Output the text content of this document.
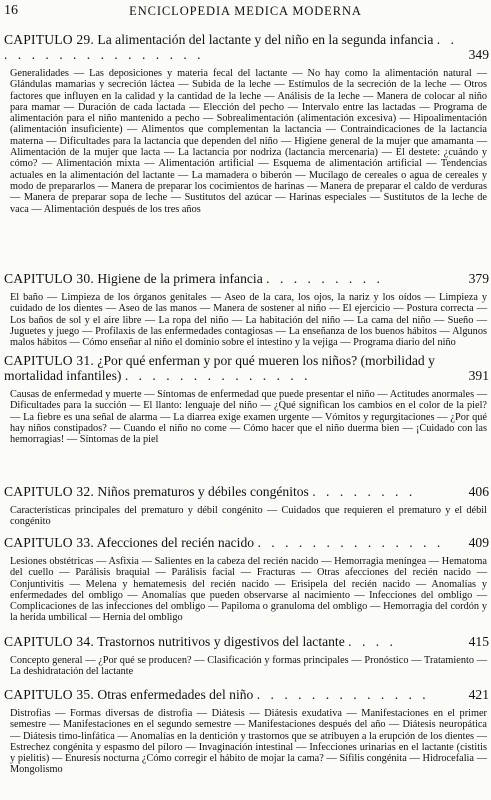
16	ENCICLOPEDIA MEDICA MODERNA
CAPITULO 29. La alimentación del lactante y del niño en la segunda infancia . . . . . . . . . . . . . . . . .	349
Generalidades — Las deposiciones y materia fecal del lactante — No hay como la alimentación natural — Glándulas mamarias y secreción láctea — Subida de la leche — Estímulos de la secreción de la leche — Otros factores que influyen en la calidad y la cantidad de la leche — Análisis de la leche — Manera de colocar al niño para mamar — Duración de cada lactada — Elección del pecho — Intervalo entre las lactadas — Programa de alimentación para el niño mantenido a pecho — Sobrealimentación (alimentación excesiva) — Hipoalimentación (alimentación insuficiente) — Alimentos que complementan la lactancia — Contraindicaciones de la lactancia materna — Dificultades para la lactancia que dependen del niño — Higiene general de la mujer que amamanta — Alimentación de la mujer que lacta — La lactancia por nodriza (lactancia mercenaria) — El destete: ¿cuándo y cómo? — Alimentación mixta — Alimentación artificial — Esquema de alimentación artificial — Tendencias actuales en la alimentación del lactante — La mamadera o biberón — Mucílago de cereales o agua de cereales y modo de prepararlos — Manera de preparar los cocimientos de harinas — Manera de preparar el caldo de verduras — Manera de preparar sopa de leche — Sustitutos del azúcar — Harinas especiales — Sustitutos de la leche de vaca — Alimentación después de los tres años
CAPITULO 30. Higiene de la primera infancia . . . . . . . . .	379
El baño — Limpieza de los órganos genitales — Aseo de la cara, los ojos, la nariz y los oídos — Limpieza y cuidado de los dientes — Aseo de las manos — Manera de sostener al niño — El ejercicio — Postura correcta — Los baños de sol y el aire libre — La ropa del niño — La habitación del niño — La cama del niño — Sueño — Juguetes y juego — Profilaxis de las enfermedades contagiosas — La enseñanza de los buenos hábitos — Algunos malos hábitos — Cómo enseñar al niño el dominio sobre el intestino y la vejiga — Programa diario del niño
CAPITULO 31. ¿Por qué enferman y por qué mueren los niños? (morbilidad y mortalidad infantiles) . . . . . . . . . . . . . .	391
Causas de enfermedad y muerte — Síntomas de enfermedad que puede presentar el niño — Actitudes anormales — Dificultades para la succión — El llanto: lenguaje del niño — ¿Qué significan los cambios en el color de la piel? — La fiebre es una señal de alarma — La diarrea exige examen urgente — Vómitos y regurgitaciones — ¿Por qué hay niños constipados? — Cuando el niño no come — Cómo hacer que el niño duerma bien — ¡Cuidado con las hemorragias! — Síntomas de la piel
CAPITULO 32. Niños prematuros y débiles congénitos . . . . . . . .	406
Características principales del prematuro y débil congénito — Cuidados que requieren el prematuro y el débil congénito
CAPITULO 33. Afecciones del recién nacido . . . . . . . . . . . . . . 409
Lesiones obstétricas — Asfixia — Salientes en la cabeza del recién nacido — Hemorragia meníngea — Hematoma del cuello — Parálisis braquial — Parálisis facial — Fracturas — Otras afecciones del recién nacido — Conjuntivitis — Melena y hematemesis del recién nacido — Erisipela del recién nacido — Anomalías y enfermedades del ombligo — Anomalías que pueden observarse al nacimiento — Infecciones del ombligo — Complicaciones de las infecciones del ombligo — Papiloma o granuloma del ombligo — Hemorragia del cordón y la herida umbilical — Hernia del ombligo
CAPITULO 34. Trastornos nutritivos y digestivos del lactante . . . .	415
Concepto general — ¿Por qué se producen? — Clasificación y formas principales — Pronóstico — Tratamiento — La deshidratación del lactante
CAPITULO 35. Otras enfermedades del niño . . . . . . . . . . . . .	421
Distrofias — Formas diversas de distrofia — Diátesis — Diátesis exudativa — Manifestaciones en el primer semestre — Manifestaciones en el segundo semestre — Manifestaciones después del año — Diátesis neuropática — Diátesis timo-linfática — Anomalías en la dentición y trastornos que se atribuyen a la erupción de los dientes — Estrechez congénita y espasmo del píloro — Invaginación intestinal — Infecciones urinarias en el lactante (cistitis y pielitis) — Enuresis nocturna ¿Cómo corregir el hábito de mojar la cama? — Sífilis congénita — Hidrocefalia — Mongolismo
